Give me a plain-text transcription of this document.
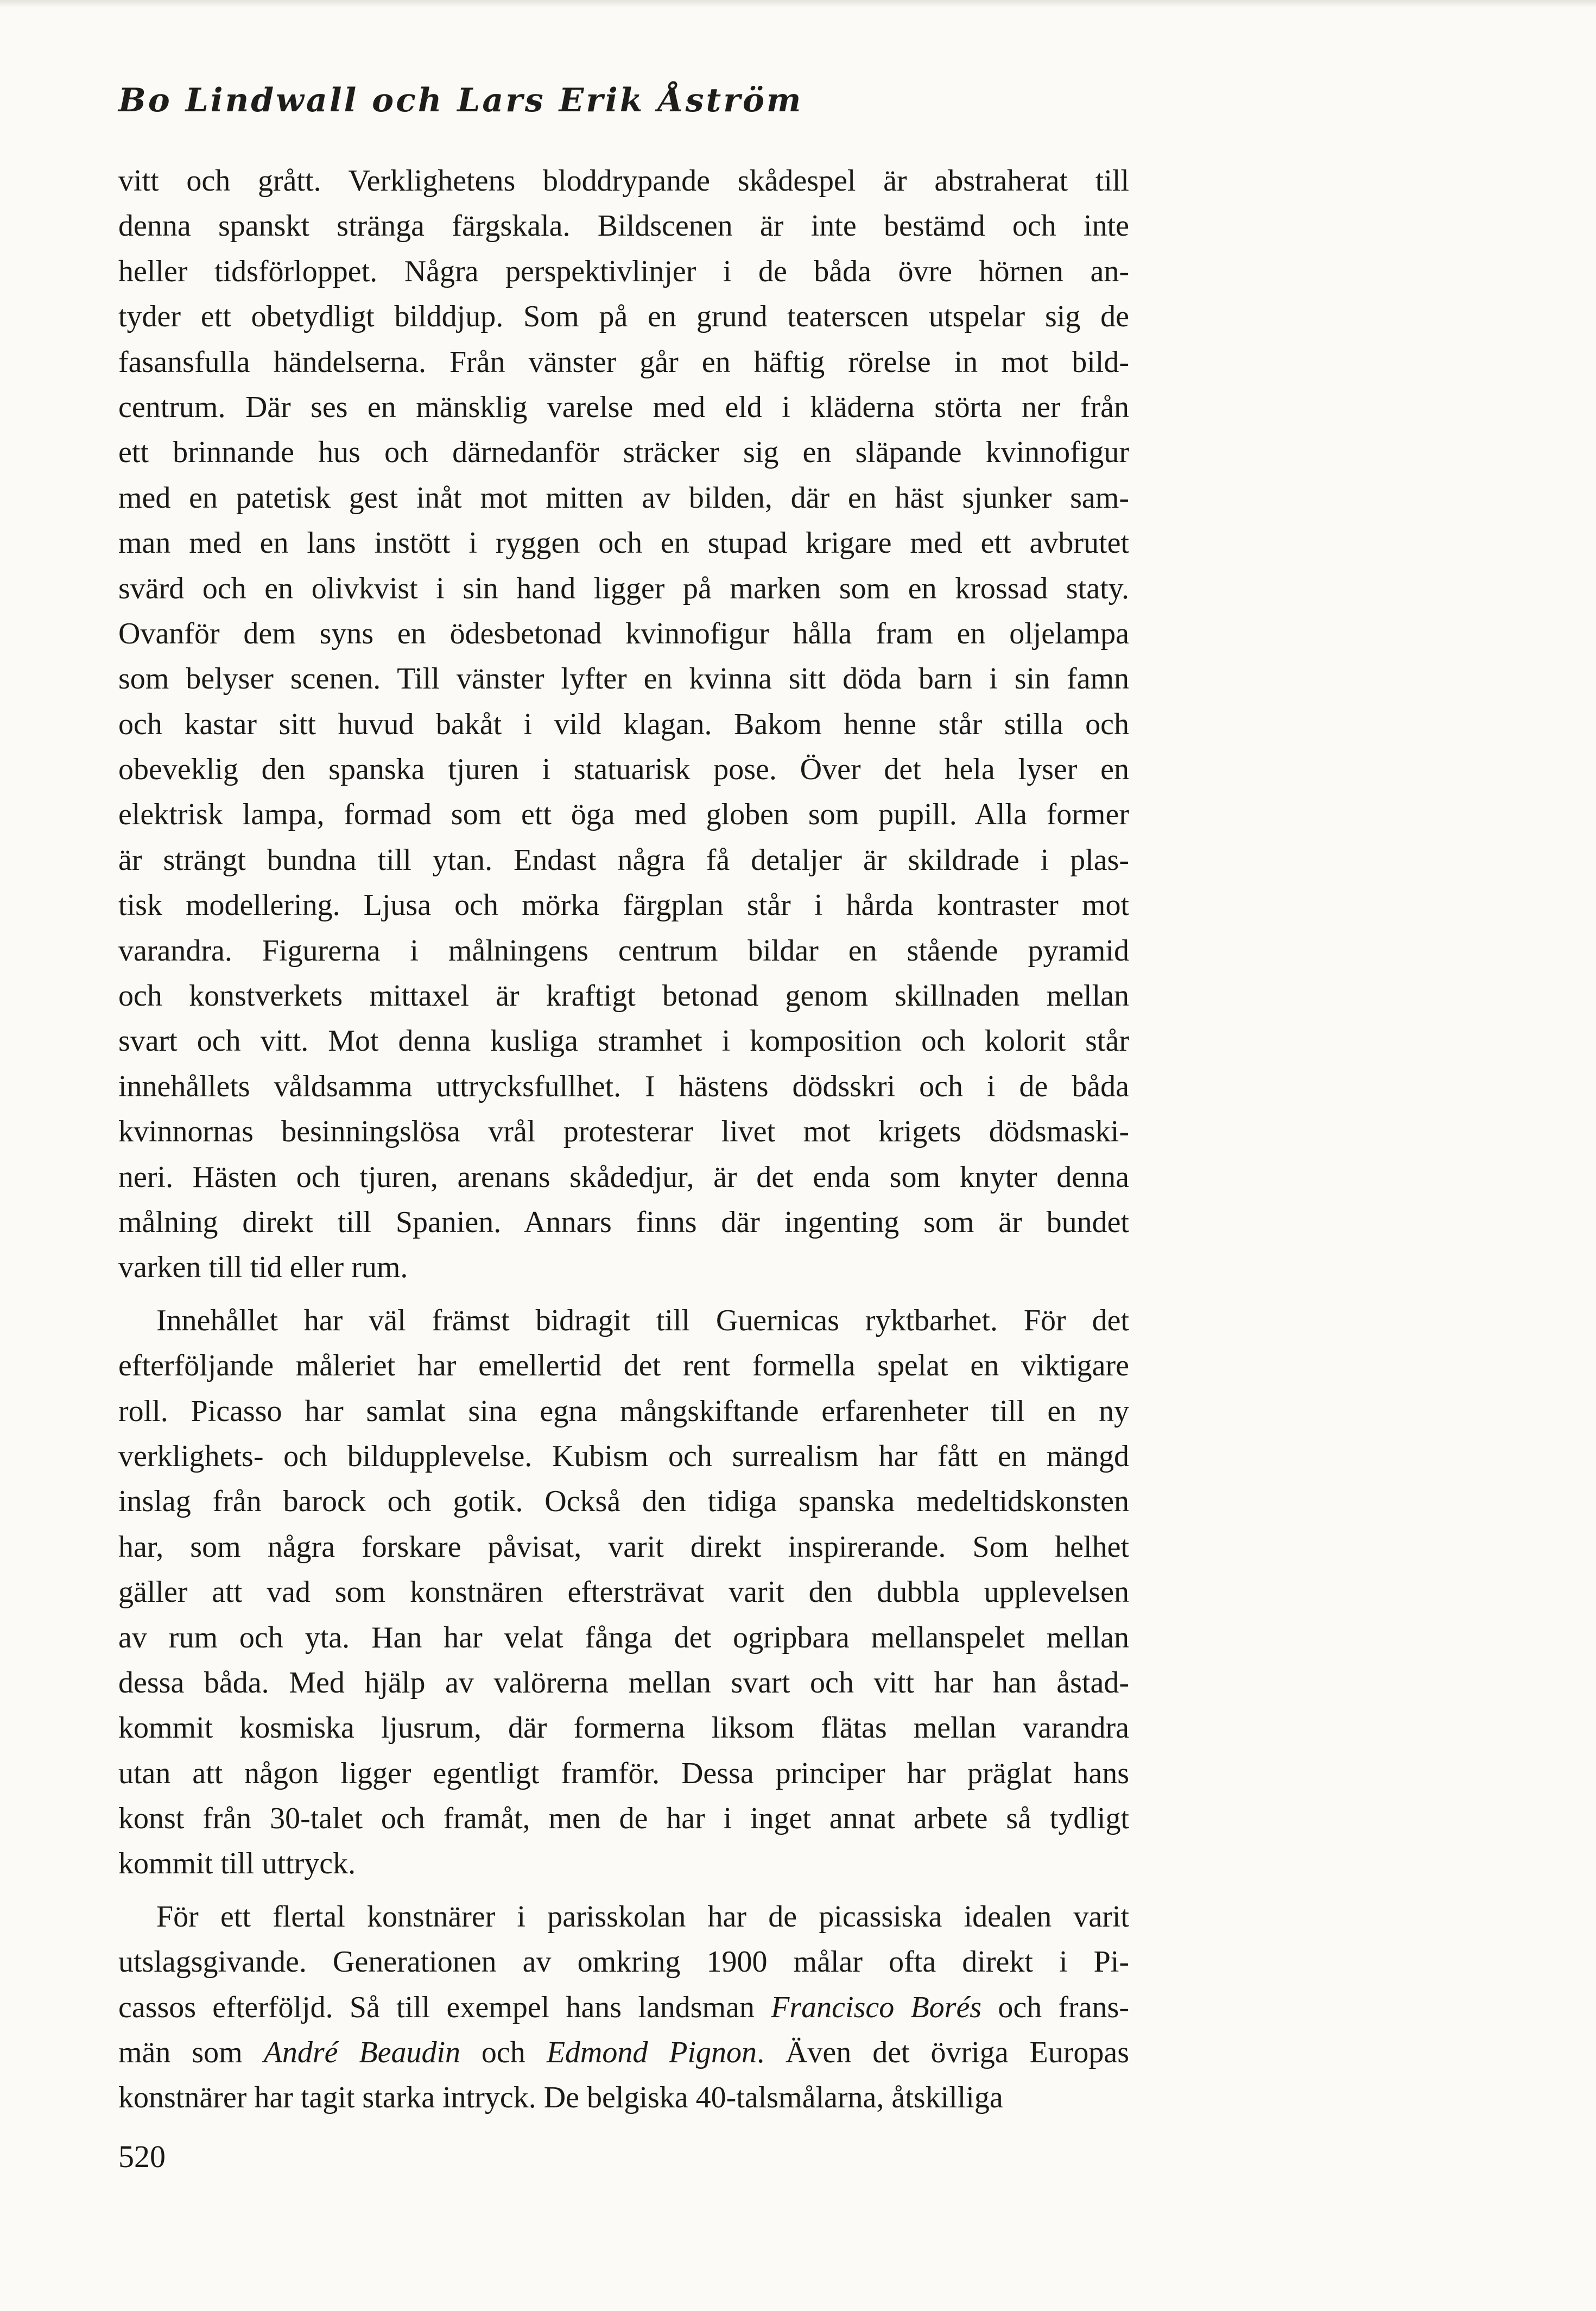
Bo Lindwall och Lars Erik Åström

vitt och grått. Verklighetens bloddrypande skådespel är abstraherat till
denna spanskt stränga färgskala. Bildscenen är inte bestämd och inte
heller tidsförloppet. Några perspektivlinjer i de båda övre hörnen an-
tyder ett obetydligt bilddjup. Som på en grund teaterscen utspelar sig de
fasansfulla händelserna. Från vänster går en häftig rörelse in mot bild-
centrum. Där ses en mänsklig varelse med eld i kläderna störta ner från
ett brinnande hus och därnedanför sträcker sig en släpande kvinnofigur
med en patetisk gest inåt mot mitten av bilden, där en häst sjunker sam-
man med en lans instött i ryggen och en stupad krigare med ett avbrutet
svärd och en olivkvist i sin hand ligger på marken som en krossad staty.
Ovanför dem syns en ödesbetonad kvinnofigur hålla fram en oljelampa
som belyser scenen. Till vänster lyfter en kvinna sitt döda barn i sin famn
och kastar sitt huvud bakåt i vild klagan. Bakom henne står stilla och
obeveklig den spanska tjuren i statuarisk pose. Över det hela lyser en
elektrisk lampa, formad som ett öga med globen som pupill. Alla former
är strängt bundna till ytan. Endast några få detaljer är skildrade i plas-
tisk modellering. Ljusa och mörka färgplan står i hårda kontraster mot
varandra. Figurerna i målningens centrum bildar en stående pyramid
och konstverkets mittaxel är kraftigt betonad genom skillnaden mellan
svart och vitt. Mot denna kusliga stramhet i komposition och kolorit står
innehållets våldsamma uttrycksfullhet. I hästens dödsskri och i de båda
kvinnornas besinningslösa vrål protesterar livet mot krigets dödsmaski-
neri. Hästen och tjuren, arenans skådedjur, är det enda som knyter denna
målning direkt till Spanien. Annars finns där ingenting som är bundet
varken till tid eller rum.

Innehållet har väl främst bidragit till Guernicas ryktbarhet. För det
efterföljande måleriet har emellertid det rent formella spelat en viktigare
roll. Picasso har samlat sina egna mångskiftande erfarenheter till en ny
verklighets- och bildupplevelse. Kubism och surrealism har fått en mängd
inslag från barock och gotik. Också den tidiga spanska medeltidskonsten
har, som några forskare påvisat, varit direkt inspirerande. Som helhet
gäller att vad som konstnären eftersträvat varit den dubbla upplevelsen
av rum och yta. Han har velat fånga det ogripbara mellanspelet mellan
dessa båda. Med hjälp av valörerna mellan svart och vitt har han åstad-
kommit kosmiska ljusrum, där formerna liksom flätas mellan varandra
utan att någon ligger egentligt framför. Dessa principer har präglat hans
konst från 30-talet och framåt, men de har i inget annat arbete så tydligt
kommit till uttryck.

För ett flertal konstnärer i parisskolan har de picassiska idealen varit
utslagsgivande. Generationen av omkring 1900 målar ofta direkt i Pi-
cassos efterföljd. Så till exempel hans landsman Francisco Borés och frans-
män som André Beaudin och Edmond Pignon. Även det övriga Europas
konstnärer har tagit starka intryck. De belgiska 40-talsmålarna, åtskilliga

520
